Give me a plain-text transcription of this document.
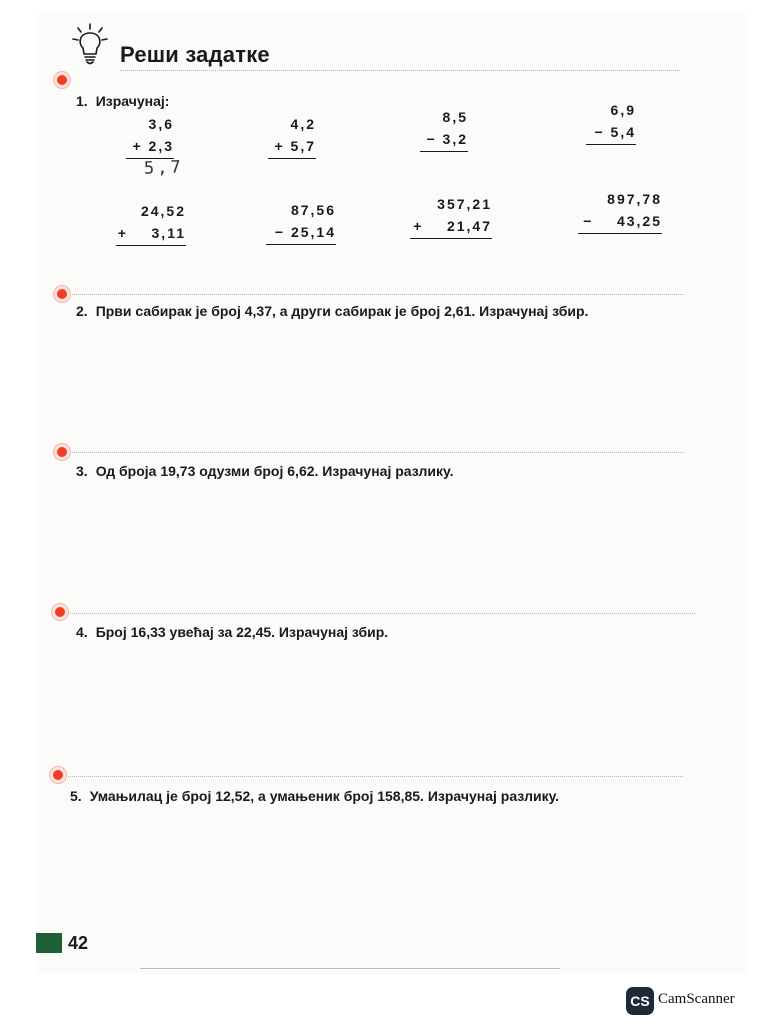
Реши задатке
1. Израчунај:
3,6
+ 2,3
5,7
4,2
+ 5,7
8,5
− 3,2
6,9
− 5,4
24,52
+    3,11
87,56
− 25,14
357,21
+    21,47
897,78
−    43,25
2. Први сабирак је број 4,37, а други сабирак је број 2,61. Израчунај збир.
3. Од броја 19,73 одузми број 6,62. Израчунај разлику.
4. Број 16,33 увећај за 22,45. Израчунај збир.
5. Умањилац је број 12,52, а умањеник број 158,85. Израчунај разлику.
42
CS CamScanner
